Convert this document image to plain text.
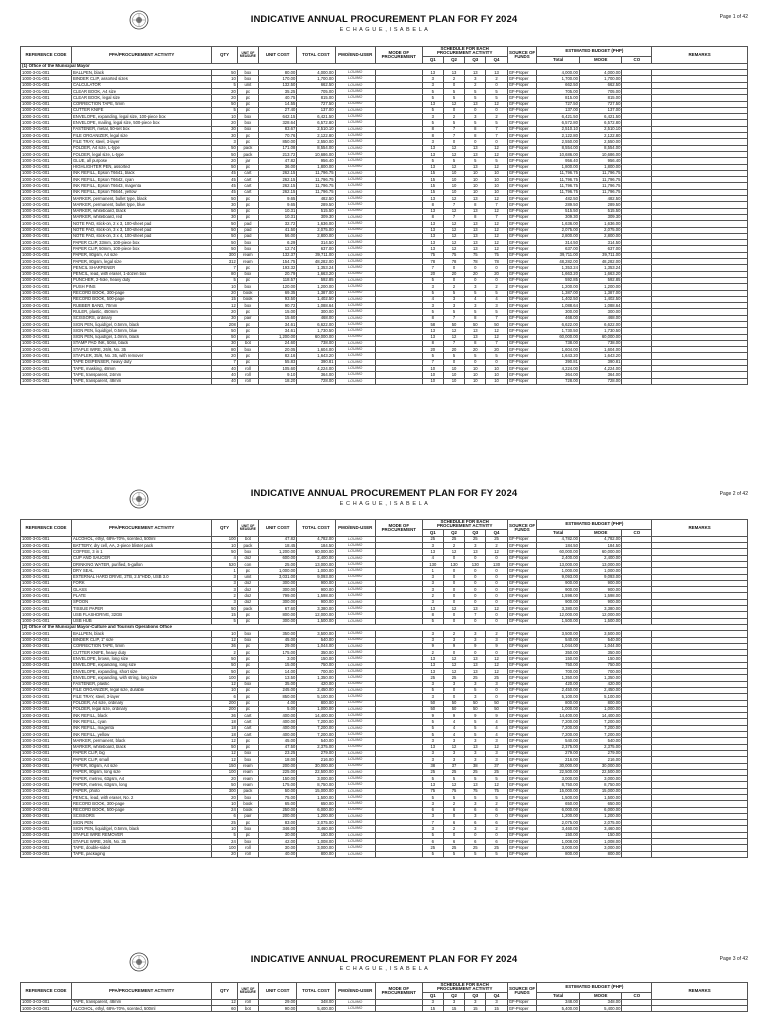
Page 1 of 42
INDICATIVE ANNUAL PROCUREMENT PLAN FOR FY 2024
E C H A G U E , I S A B E L A
REFERENCE CODE	PPA/PROCUREMENT ACTIVITY	QTY	UNIT OF MEASURE	UNIT COST	TOTAL COST	PMO/END-USER	MODE OF PROCUREMENT	SCHEDULE FOR EACH PROCUREMENT ACTIVITY				SOURCE OF FUNDS	ESTIMATED BUDGET (PHP)			REMARKS
								Q1	Q2	Q3	Q4		Total	MOOE	CO	
(1) Office of the Municipal Mayor																
1000-3-01-001	BALLPEN, black	50	box	80.00	4,000.00	LOU/MO		13	13	13	13	GF-Proper	4,000.00	4,000.00		
1000-3-01-001	BINDER CLIP, assorted sizes	10	box	170.00	1,700.00	LOU/MO		3	2	3	2	GF-Proper	1,700.00	1,700.00		
1000-3-01-001	CALCULATOR	5	unit	132.50	662.50	LOU/MO		3	0	2	0	GF-Proper	662.50	662.50		
1000-3-01-001	CLEAR BOOK, A4 size	20	pc	35.25	705.00	LOU/MO		5	5	5	5	GF-Proper	705.00	705.00		
1000-3-01-001	CLEAR BOOK, legal size	20	pc	40.75	815.00	LOU/MO		5	5	5	5	GF-Proper	815.00	815.00		
1000-3-01-001	CORRECTION TAPE, 5mm	50	pc	14.55	727.50	LOU/MO		13	12	13	12	GF-Proper	727.50	727.50		
1000-3-01-001	CUTTER KNIFE	5	pc	27.40	137.00	LOU/MO		5	0	0	0	GF-Proper	137.00	137.00		
1000-3-01-001	ENVELOPE, expanding, legal size, 100-piece box	10	box	642.15	6,421.50	LOU/MO		3	2	3	2	GF-Proper	6,421.50	6,421.50		
1000-3-01-001	ENVELOPE, mailing, legal size, 500-piece box	20	box	328.64	6,572.80	LOU/MO		5	5	5	5	GF-Proper	6,572.80	6,572.80		
1000-3-01-001	FASTENER, metal, 50-set box	30	box	83.67	2,510.10	LOU/MO		8	7	8	7	GF-Proper	2,510.10	2,510.10		
1000-3-01-001	FILE ORGANIZER, legal size	30	pc	70.76	2,122.80	LOU/MO		8	7	8	7	GF-Proper	2,122.80	2,122.80		
1000-3-01-001	FILE TRAY, steel, 3-layer	3	pc	850.00	2,550.00	LOU/MO		3	0	0	0	GF-Proper	2,550.00	2,550.00		
1000-3-01-001	FOLDER, A4 size, L-type	50	pack	171.08	8,554.00	LOU/MO		13	12	13	12	GF-Proper	8,554.00	8,554.00		
1000-3-01-001	FOLDER, legal size, L-type	50	pack	213.72	10,686.00	LOU/MO		13	12	13	12	GF-Proper	10,686.00	10,686.00		
1000-3-01-001	GLUE, all purpose	20	jar	47.82	956.40	LOU/MO		5	5	5	5	GF-Proper	956.40	956.40		
1000-3-01-001	HIGHLIGHTER PEN, assorted	50	pc	36.00	1,800.00	LOU/MO		13	12	13	12	GF-Proper	1,800.00	1,800.00		
1000-3-01-001	INK REFILL, Epson T6641, black	45	cart	262.15	11,796.75	LOU/MO		15	10	10	10	GF-Proper	11,796.75	11,796.75		
1000-3-01-001	INK REFILL, Epson T6642, cyan	45	cart	262.15	11,796.75	LOU/MO		15	10	10	10	GF-Proper	11,796.75	11,796.75		
1000-3-01-001	INK REFILL, Epson T6643, magenta	45	cart	262.15	11,796.75	LOU/MO		15	10	10	10	GF-Proper	11,796.75	11,796.75		
1000-3-01-001	INK REFILL, Epson T6644, yellow	45	cart	262.15	11,796.75	LOU/MO		15	10	10	10	GF-Proper	11,796.75	11,796.75		
1000-3-01-001	MARKER, permanent, bullet type, black	50	pc	9.65	482.50	LOU/MO		13	12	13	12	GF-Proper	482.50	482.50		
1000-3-01-001	MARKER, permanent, bullet type, blue	30	pc	9.65	289.50	LOU/MO		8	7	8	7	GF-Proper	289.50	289.50		
1000-3-01-001	MARKER, whiteboard, black	50	pc	10.31	515.50	LOU/MO		13	12	13	12	GF-Proper	515.50	515.50		
1000-3-01-001	MARKER, whiteboard, red	30	pc	10.31	309.30	LOU/MO		8	7	8	7	GF-Proper	309.30	309.30		
1000-3-01-001	NOTE PAD, stick-on, 2 x 3, 100-sheet pad	50	pad	32.72	1,636.00	LOU/MO		13	12	13	12	GF-Proper	1,636.00	1,636.00		
1000-3-01-001	NOTE PAD, stick-on, 3 x 3, 100-sheet pad	50	pad	41.50	2,075.00	LOU/MO		13	12	13	12	GF-Proper	2,075.00	2,075.00		
1000-3-01-001	NOTE PAD, stick-on, 3 x 4, 100-sheet pad	50	pad	56.00	2,800.00	LOU/MO		13	12	13	12	GF-Proper	2,800.00	2,800.00		
1000-3-01-001	PAPER CLIP, 33mm, 100-piece box	50	box	6.29	314.50	LOU/MO		13	12	13	12	GF-Proper	314.50	314.50		
1000-3-01-001	PAPER CLIP, 50mm, 100-piece box	50	box	12.74	637.00	LOU/MO		13	12	13	12	GF-Proper	637.00	637.00		
1000-3-01-001	PAPER, 80gsm, A4 size	300	ream	132.37	39,711.00	LOU/MO		75	75	75	75	GF-Proper	39,711.00	39,711.00		
1000-3-01-001	PAPER, 80gsm, legal size	312	ream	154.75	48,282.00	LOU/MO		78	78	78	78	GF-Proper	48,282.00	48,282.00		
1000-3-01-001	PENCIL SHARPENER	7	pc	193.32	1,353.24	LOU/MO		7	0	0	0	GF-Proper	1,353.24	1,353.24		
1000-3-01-001	PENCIL, lead, with eraser, 1-dozen box	80	box	20.79	1,663.20	LOU/MO		20	20	20	20	GF-Proper	1,663.20	1,663.20		
1000-3-01-001	PUNCHER, 2-hole, heavy duty	5	pc	118.57	592.85	LOU/MO		5	0	0	0	GF-Proper	592.85	592.85		
1000-3-01-001	PUSH PINS	10	box	120.00	1,200.00	LOU/MO		3	2	3	2	GF-Proper	1,200.00	1,200.00		
1000-3-01-001	RECORD BOOK, 300-page	20	book	69.35	1,387.00	LOU/MO		5	5	5	5	GF-Proper	1,387.00	1,387.00		
1000-3-01-001	RECORD BOOK, 500-page	15	book	93.50	1,402.50	LOU/MO		4	3	4	4	GF-Proper	1,402.50	1,402.50		
1000-3-01-001	RUBBER BAND, 70mm	12	box	90.72	1,088.64	LOU/MO		3	3	3	3	GF-Proper	1,088.64	1,088.64		
1000-3-01-001	RULER, plastic, 450mm	20	pc	15.00	300.00	LOU/MO		5	5	5	5	GF-Proper	300.00	300.00		
1000-3-01-001	SCISSORS, ordinary	30	pair	15.60	468.00	LOU/MO		8	7	8	7	GF-Proper	468.00	468.00		
1000-3-01-001	SIGN PEN, liquid/gel, 0.5mm, black	208	pc	34.61	6,622.00	LOU/MO		58	50	50	50	GF-Proper	6,622.00	6,622.00		
1000-3-01-001	SIGN PEN, liquid/gel, 0.5mm, blue	50	pc	34.61	1,730.50	LOU/MO		13	12	13	12	GF-Proper	1,730.50	1,730.50		
1000-3-01-001	SIGN PEN, liquid/gel, 1.0mm, black	50	pc	1,200.00	60,000.00	LOU/MO		13	12	13	12	GF-Proper	60,000.00	60,000.00		
1000-3-01-001	STAMP PAD INK, 50ml, black	30	bot	24.60	738.00	LOU/MO		8	7	8	7	GF-Proper	738.00	738.00		
1000-3-01-001	STAPLE WIRE, 26/6, No. 35	80	box	20.05	1,604.00	LOU/MO		20	20	20	20	GF-Proper	1,604.00	1,604.00		
1000-3-01-001	STAPLER, 35/6, No. 35, with remover	20	pc	82.16	1,643.20	LOU/MO		5	5	5	5	GF-Proper	1,643.20	1,643.20		
1000-3-01-001	TAPE DISPENSER, heavy duty	7	pc	55.83	390.81	LOU/MO		7	0	0	0	GF-Proper	390.81	390.81		
1000-3-01-001	TAPE, masking, 48mm	40	roll	105.60	4,224.00	LOU/MO		10	10	10	10	GF-Proper	4,224.00	4,224.00		
1000-3-01-001	TAPE, transparent, 24mm	40	roll	9.10	364.00	LOU/MO		10	10	10	10	GF-Proper	364.00	364.00		
1000-3-01-001	TAPE, transparent, 48mm	40	roll	18.20	728.00	LOU/MO		10	10	10	10	GF-Proper	728.00	728.00		
Page 2 of 42
INDICATIVE ANNUAL PROCUREMENT PLAN FOR FY 2024
E C H A G U E , I S A B E L A
REFERENCE CODE	PPA/PROCUREMENT ACTIVITY	QTY	UNIT OF MEASURE	UNIT COST	TOTAL COST	PMO/END-USER	MODE OF PROCUREMENT	SCHEDULE FOR EACH PROCUREMENT ACTIVITY				SOURCE OF FUNDS	ESTIMATED BUDGET (PHP)			REMARKS
								Q1	Q2	Q3	Q4		Total	MOOE	CO	
1000-3-01-001	ALCOHOL, ethyl, 68%-70%, scented, 500ml	100	bot	47.82	4,782.00	LOU/MO		25	25	25	25	GF-Proper	4,782.00	4,782.00		
1000-3-01-001	BATTERY, dry cell, AA, 2-piece blister pack	10	pack	18.45	184.50	LOU/MO		3	2	3	2	GF-Proper	184.50	184.50		
1000-3-01-001	COFFEE, 3 in 1	50	box	1,200.00	60,000.00	LOU/MO		13	12	13	12	GF-Proper	60,000.00	60,000.00		
1000-3-01-001	CUP AND SAUCER	4	doz	600.00	2,400.00	LOU/MO		4	0	0	0	GF-Proper	2,400.00	2,400.00		
1000-3-01-001	DRINKING WATER, purified, 5-gallon	520	con	25.00	13,000.00	LOU/MO		130	130	130	130	GF-Proper	13,000.00	13,000.00		
1000-3-01-001	DRY SEAL	1	pc	1,000.00	1,000.00	LOU/MO		1	0	0	0	GF-Proper	1,000.00	1,000.00		
1000-3-01-001	EXTERNAL HARD DRIVE, 2TB, 2.5"HDD, USB 3.0	3	unit	3,031.00	9,093.00	LOU/MO		3	0	0	0	GF-Proper	9,093.00	9,093.00		
1000-3-01-001	FORK	3	doz	300.00	900.00	LOU/MO		3	0	0	0	GF-Proper	900.00	900.00		
1000-3-01-001	GLASS	3	doz	300.00	900.00	LOU/MO		3	0	0	0	GF-Proper	900.00	900.00		
1000-3-01-001	PLATE	2	doz	799.00	1,598.00	LOU/MO		2	0	0	0	GF-Proper	1,598.00	1,598.00		
1000-3-01-001	SPOON	3	doz	300.00	900.00	LOU/MO		3	0	0	0	GF-Proper	900.00	900.00		
1000-3-01-001	TISSUE PAPER	50	pack	67.60	3,380.00	LOU/MO		13	12	13	12	GF-Proper	3,380.00	3,380.00		
1000-3-01-001	USB FLASHDRIVE, 32GB	15	pc	800.00	12,000.00	LOU/MO		8	0	7	0	GF-Proper	12,000.00	12,000.00		
1000-3-01-001	USB HUB	5	pc	300.00	1,500.00	LOU/MO		5	0	0	0	GF-Proper	1,500.00	1,500.00		
(2) Office of the Municipal Mayor-Culture and Tourism Operations Office																
1000-3-03-001	BALLPEN, black	10	box	350.00	3,500.00	LOU/MO		3	2	3	2	GF-Proper	3,500.00	3,500.00		
1000-3-03-001	BINDER CLIP, 1" size	12	box	45.00	540.00	LOU/MO		3	3	3	3	GF-Proper	540.00	540.00		
1000-3-03-001	CORRECTION TAPE, 5mm	36	pc	29.00	1,044.00	LOU/MO		9	9	9	9	GF-Proper	1,044.00	1,044.00		
1000-3-03-001	CUTTER KNIFE, heavy duty	2	pc	175.00	350.00	LOU/MO		2	0	0	0	GF-Proper	350.00	350.00		
1000-3-03-001	ENVELOPE, brown, long size	50	pc	3.00	150.00	LOU/MO		13	12	13	12	GF-Proper	150.00	150.00		
1000-3-03-001	ENVELOPE, expanding, long size	50	pc	15.00	750.00	LOU/MO		13	12	13	12	GF-Proper	750.00	750.00		
1000-3-03-001	ENVELOPE, expanding, short size	50	pc	14.00	700.00	LOU/MO		13	12	13	12	GF-Proper	700.00	700.00		
1000-3-03-001	ENVELOPE, expanding, with string, long size	100	pc	13.50	1,350.00	LOU/MO		25	25	25	25	GF-Proper	1,350.00	1,350.00		
1000-3-03-001	FASTENER, plastic	12	box	35.00	420.00	LOU/MO		3	3	3	3	GF-Proper	420.00	420.00		
1000-3-03-001	FILE ORGANIZER, legal size, durable	10	pc	245.00	2,450.00	LOU/MO		5	0	5	0	GF-Proper	2,450.00	2,450.00		
1000-3-03-001	FILE TRAY, steel, 3-layer	6	pc	850.00	5,100.00	LOU/MO		3	0	3	0	GF-Proper	5,100.00	5,100.00		
1000-3-03-001	FOLDER, A4 size, ordinary	200	pc	4.00	800.00	LOU/MO		50	50	50	50	GF-Proper	800.00	800.00		
1000-3-03-001	FOLDER, legal size, ordinary	200	pc	5.00	1,000.00	LOU/MO		50	50	50	50	GF-Proper	1,000.00	1,000.00		
1000-3-03-001	INK REFILL, black	36	cart	400.00	14,400.00	LOU/MO		9	9	9	9	GF-Proper	14,400.00	14,400.00		
1000-3-03-001	INK REFILL, cyan	18	cart	400.00	7,200.00	LOU/MO		5	4	5	4	GF-Proper	7,200.00	7,200.00		
1000-3-03-001	INK REFILL, magenta	18	cart	400.00	7,200.00	LOU/MO		5	4	5	4	GF-Proper	7,200.00	7,200.00		
1000-3-03-001	INK REFILL, yellow	18	cart	400.00	7,200.00	LOU/MO		5	4	5	4	GF-Proper	7,200.00	7,200.00		
1000-3-03-001	MARKER, permanent, black	12	pc	45.00	540.00	LOU/MO		3	3	3	3	GF-Proper	540.00	540.00		
1000-3-03-001	MARKER, whiteboard, black	50	pc	47.50	2,375.00	LOU/MO		13	12	13	12	GF-Proper	2,375.00	2,375.00		
1000-3-03-001	PAPER CLIP, big	12	box	23.25	279.00	LOU/MO		3	3	3	3	GF-Proper	279.00	279.00		
1000-3-03-001	PAPER CLIP, small	12	box	18.00	216.00	LOU/MO		3	3	3	3	GF-Proper	216.00	216.00		
1000-3-03-001	PAPER, 80gsm, A4 size	150	ream	200.00	30,000.00	LOU/MO		38	37	38	37	GF-Proper	30,000.00	30,000.00		
1000-3-03-001	PAPER, 80gsm, long size	100	ream	225.00	22,500.00	LOU/MO		25	25	25	25	GF-Proper	22,500.00	22,500.00		
1000-3-03-001	PAPER, metrex, 63gsm, A4	20	ream	150.00	3,000.00	LOU/MO		5	5	5	5	GF-Proper	3,000.00	3,000.00		
1000-3-03-001	PAPER, metrex, 63gsm, long	50	ream	175.00	8,750.00	LOU/MO		13	12	13	12	GF-Proper	8,750.00	8,750.00		
1000-3-03-001	PAPER, photo	300	pack	50.00	15,000.00	LOU/MO		75	75	75	75	GF-Proper	15,000.00	15,000.00		
1000-3-03-001	PENCIL, lead, with eraser, No. 2	20	box	75.00	1,500.00	LOU/MO		5	5	5	5	GF-Proper	1,500.00	1,500.00		
1000-3-03-001	RECORD BOOK, 300-page	10	book	65.00	650.00	LOU/MO		3	2	3	2	GF-Proper	650.00	650.00		
1000-3-03-001	RECORD BOOK, 500-page	24	book	250.00	6,000.00	LOU/MO		6	6	6	6	GF-Proper	6,000.00	6,000.00		
1000-3-03-001	SCISSORS	6	pair	200.00	1,200.00	LOU/MO		3	0	3	0	GF-Proper	1,200.00	1,200.00		
1000-3-03-001	SIGN PEN	25	pc	83.00	2,075.00	LOU/MO		7	6	6	6	GF-Proper	2,075.00	2,075.00		
1000-3-03-001	SIGN PEN, liquid/gel, 0.5mm, black	10	box	346.00	3,460.00	LOU/MO		3	2	3	2	GF-Proper	3,460.00	3,460.00		
1000-3-03-001	STAPLE WIRE REMOVER	5	pc	30.00	150.00	LOU/MO		5	0	0	0	GF-Proper	150.00	150.00		
1000-3-03-001	STAPLE WIRE, 26/6, No. 35	24	box	42.00	1,008.00	LOU/MO		6	6	6	6	GF-Proper	1,008.00	1,008.00		
1000-3-03-001	TAPE, double-sided	100	roll	30.00	3,000.00	LOU/MO		25	25	25	25	GF-Proper	3,000.00	3,000.00		
1000-3-03-001	TAPE, packaging	20	roll	40.00	800.00	LOU/MO		5	5	5	5	GF-Proper	800.00	800.00		
Page 3 of 42
INDICATIVE ANNUAL PROCUREMENT PLAN FOR FY 2024
E C H A G U E , I S A B E L A
REFERENCE CODE	PPA/PROCUREMENT ACTIVITY	QTY	UNIT OF MEASURE	UNIT COST	TOTAL COST	PMO/END-USER	MODE OF PROCUREMENT	SCHEDULE FOR EACH PROCUREMENT ACTIVITY				SOURCE OF FUNDS	ESTIMATED BUDGET (PHP)			REMARKS
								Q1	Q2	Q3	Q4		Total	MOOE	CO	
1000-3-03-001	TAPE, transparent, 48mm	12	roll	29.00	348.00	LOU/MO		3	3	3	3	GF-Proper	348.00	348.00		
1000-3-03-001	ALCOHOL, ethyl, 68%-70%, scented, 500ml	60	bot	90.00	5,400.00	LOU/MO		15	15	15	15	GF-Proper	5,400.00	5,400.00		
